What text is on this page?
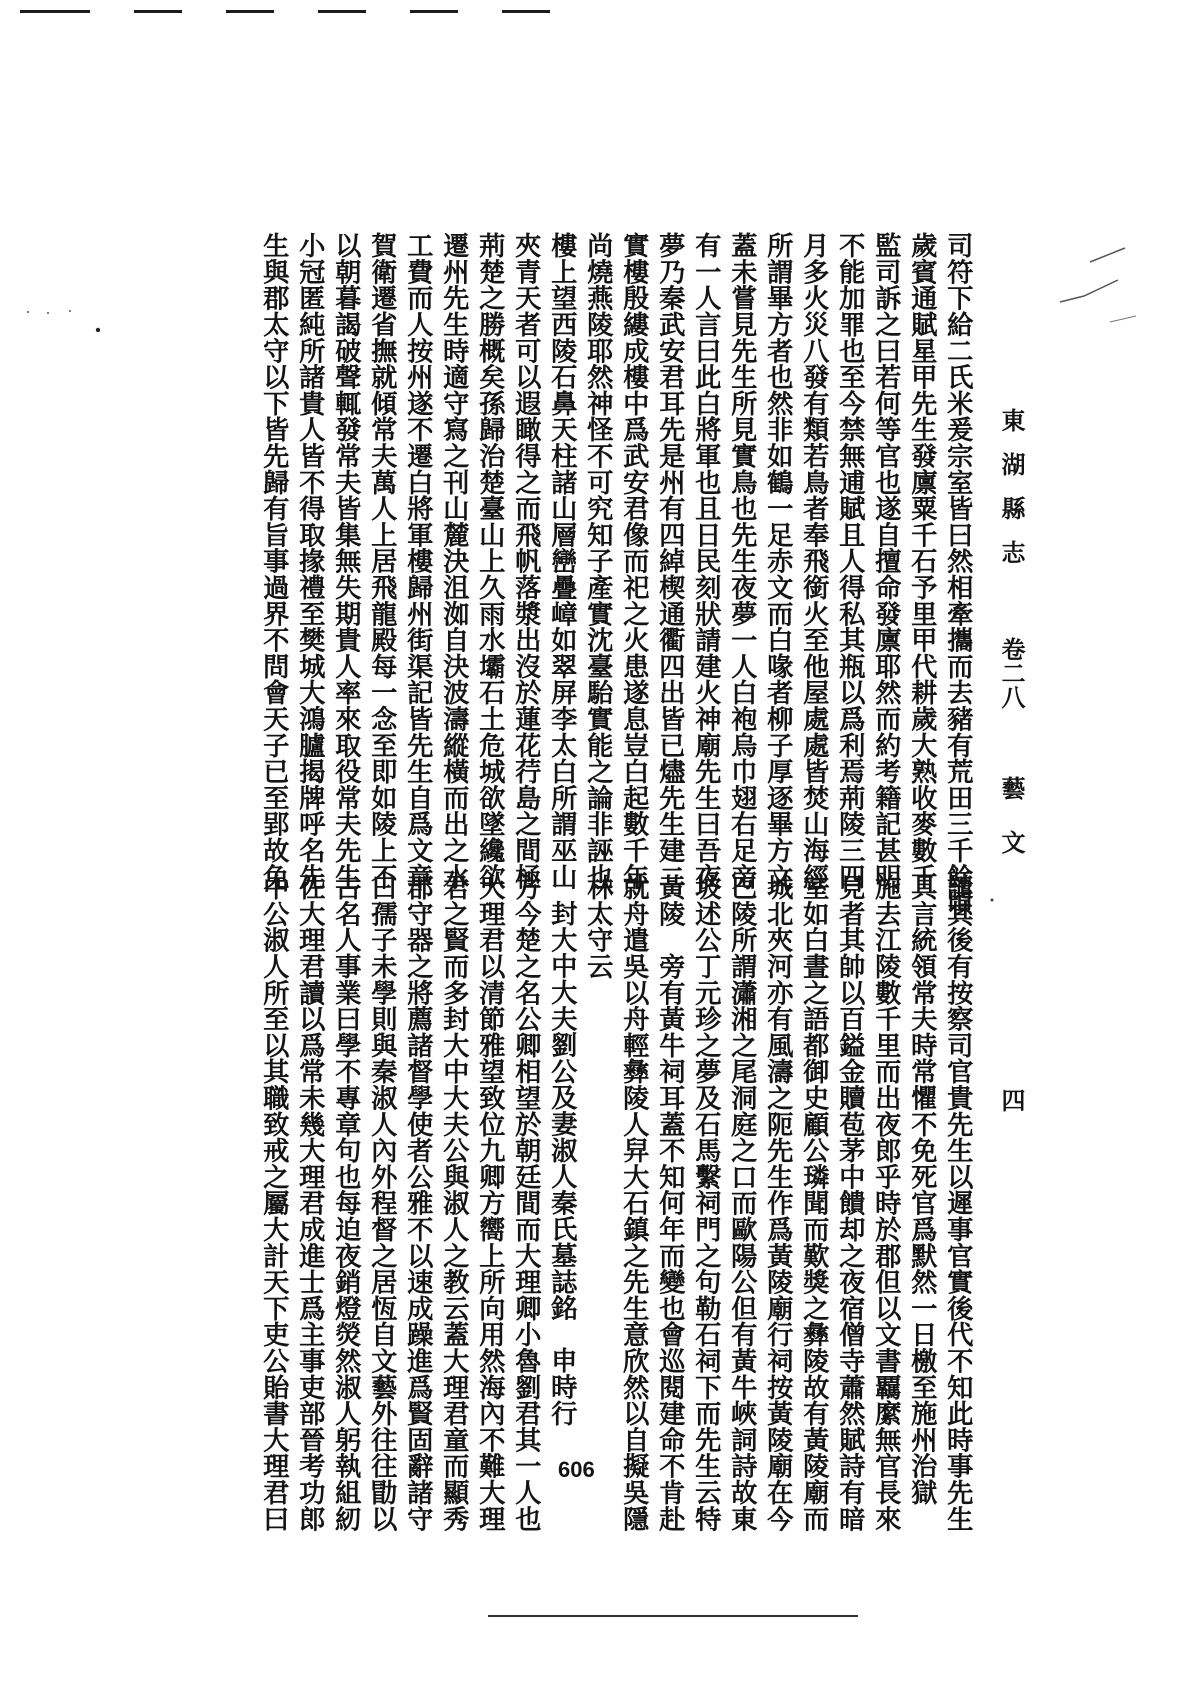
東湖縣志 卷二八 藝文
四
司符下給二氏米爰宗室皆曰然相牽攜而去豬有荒田三千餘頃
歲賓通賦星甲先生發廪粟千石予里甲代耕歲大熟收麥數千
監司訴之曰若何等官也遂自擅命發廪耶然而約考籍記甚明
不能加罪也至今禁無逋賦且人得私其瓶以爲利焉荊陵三四
月多火災八發有類若鳥者奉飛銜火至他屋處處皆焚山海經
所謂畢方者也然非如鶴一足赤文而白喙者柳子厚逐畢方文
蓋未嘗見先生所見實鳥也先生夜夢一人白袍烏巾翅右足旁
有一人言曰此白將軍也且日民刻狀請建火神廟先生曰吾夜
夢乃秦武安君耳先是州有四綽楔通衢四出皆已燼先生建二
實樓殷縷成樓中爲武安君像而祀之火患遂息豈白起數千年
尚燒燕陵耶然神怪不可究知子產實沈臺駘實能之論非誣也
樓上望西陵石鼻天柱諸山層巒疊嶂如翠屏李太白所謂巫山
夾青天者可以遐瞰得之而飛帆落漿出沒於蓮花荇島之間極
荊楚之勝概矣孫歸治楚臺山上久雨水壩石土危城欲墜纔欲
遷州先生時適守寫之刊山麓決沮洳自決波濤縱橫而出之水
工費而人按州遂不遷白將軍樓歸州街渠記皆先生自爲文章
賀衛遷省撫就傾常夫萬人上居飛龍殿每一念至即如陵上不
以朝暮謁破聲輒發常夫皆集無失期貴人率來取役常夫先生
小冠匿純所諸貴人皆不得取掾禮至樊城大鴻臚揭牌呼名先
生與郡太守以下皆先歸有旨事過界不問會天子已至郢故免
譴其後有按察司官貴先生以遲事官實後代不知此時事先生
具言統領常夫時常懼不免死官爲默然一日檄至施州治獄
施去江陵數千里而出夜郎乎時於郡但以文書覊縻無官長來
見者其帥以百鎰金贖苞茅中饋却之夜宿僧寺蕭然賦詩有暗
室如白晝之語都御史顧公璘聞而歎獎之彝陵故有黃陵廟而
城北夾河亦有風濤之阨先生作爲黃陵廟行祠按黃陵廟在今
巴陵所謂瀟湘之尾洞庭之口而歐陽公但有黃牛峽詞詩故東
坡述公丁元珍之夢及石馬繫祠門之句勒石祠下而先生云特
黃陵　旁有黃牛祠耳蓋不知何年而變也會巡閱建命不肯赴
就舟遣吳以舟輕彝陵人舁大石鎮之先生意欣然以自擬吳隱
林太守云
封大中大夫劉公及妻淑人秦氏墓誌銘　申時行
方今楚之名公卿相望於朝廷間而大理卿小魯劉君其一人也
大理君以清節雅望致位九卿方嚮上所向用然海內不難大理
君之賢而多封大中大夫公與淑人之教云蓋大理君童而顯秀
郡守器之將薦諸督學使者公雅不以速成躁進爲賢固辭諸守
曰孺子未學則與秦淑人內外程督之居恆自文藝外往往勖以
古名人事業曰學不專章句也每迫夜銷燈熒然淑人躬執組紉
佐大理君讀以爲常未幾大理君成進士爲主事吏部晉考功郎
中公淑人所至以其職致戒之屬大計天下吏公貽書大理君曰	606
